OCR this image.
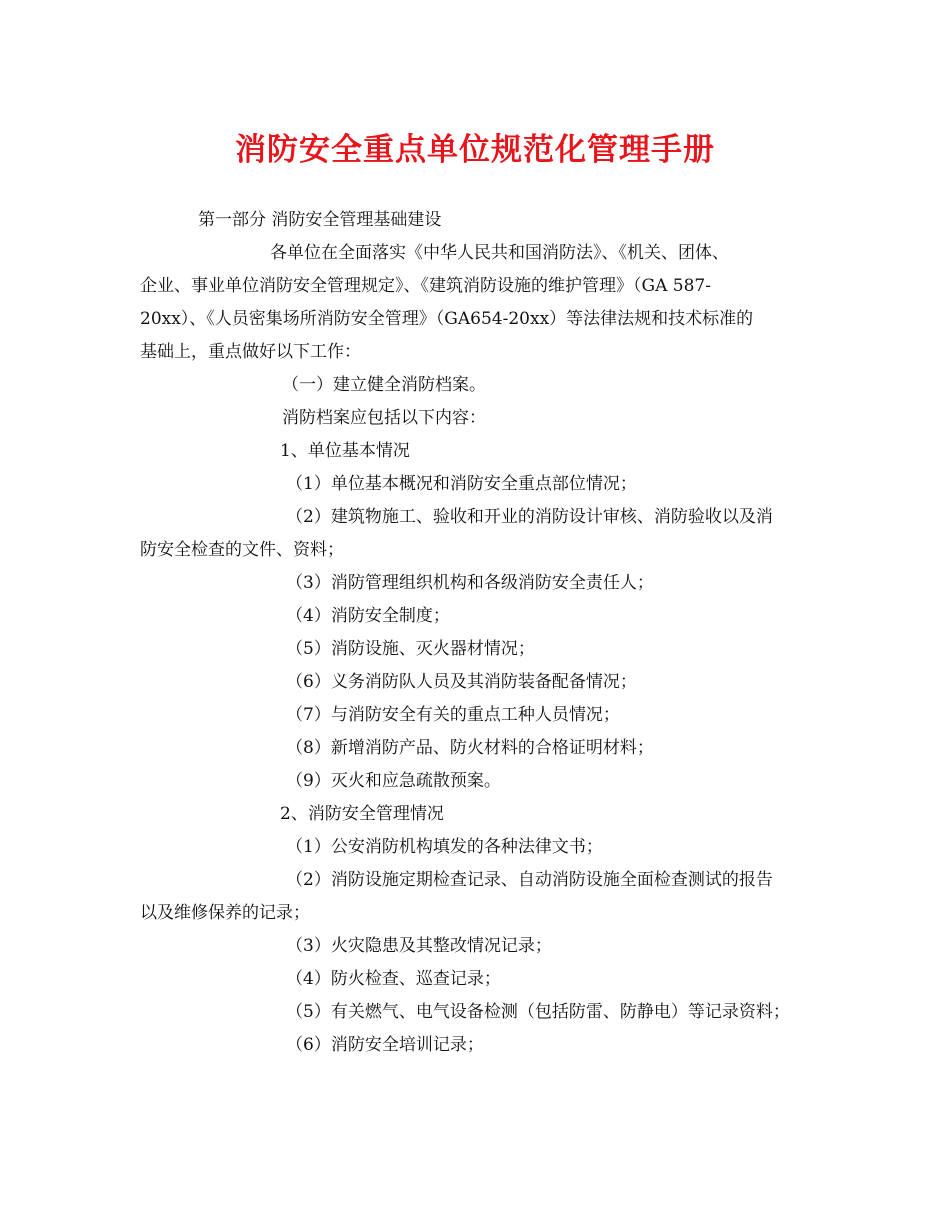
消防安全重点单位规范化管理手册
第一部分 消防安全管理基础建设
各单位在全面落实《中华人民共和国消防法》、《机关、团体、
企业、事业单位消防安全管理规定》、《建筑消防设施的维护管理》（GA 587-
20xx）、《人员密集场所消防安全管理》（GA654-20xx）等法律法规和技术标准的
基础上，重点做好以下工作：
（一）建立健全消防档案。
消防档案应包括以下内容：
1、单位基本情况
（1）单位基本概况和消防安全重点部位情况；
（2）建筑物施工、验收和开业的消防设计审核、消防验收以及消
防安全检查的文件、资料；
（3）消防管理组织机构和各级消防安全责任人；
（4）消防安全制度；
（5）消防设施、灭火器材情况；
（6）义务消防队人员及其消防装备配备情况；
（7）与消防安全有关的重点工种人员情况；
（8）新增消防产品、防火材料的合格证明材料；
（9）灭火和应急疏散预案。
2、消防安全管理情况
（1）公安消防机构填发的各种法律文书；
（2）消防设施定期检查记录、自动消防设施全面检查测试的报告
以及维修保养的记录；
（3）火灾隐患及其整改情况记录；
（4）防火检查、巡查记录；
（5）有关燃气、电气设备检测（包括防雷、防静电）等记录资料；
（6）消防安全培训记录；
